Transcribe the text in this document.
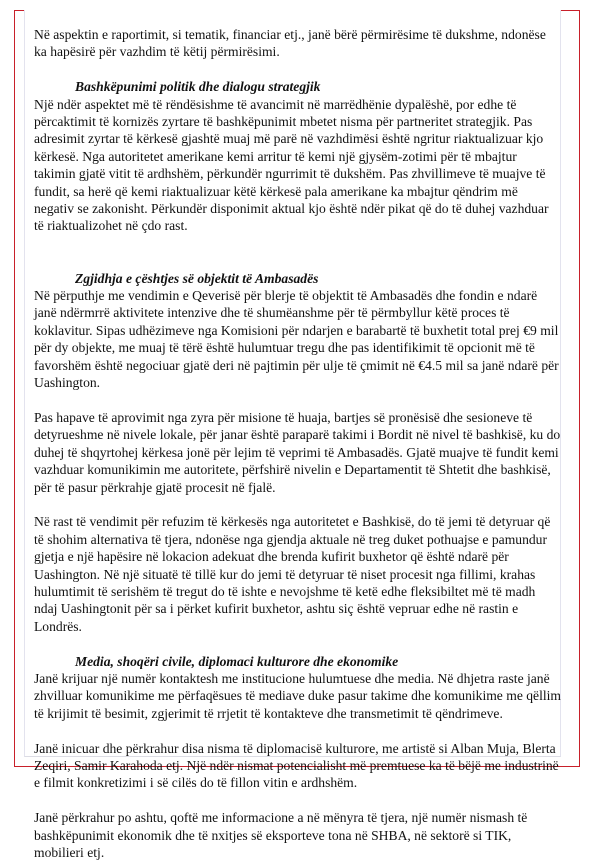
Në aspektin e raportimit, si tematik, financiar etj., janë bërë përmirësime të dukshme, ndonëse ka hapësirë për vazhdim të këtij përmirësimi.

Bashkëpunimi politik dhe dialogu strategjik

Një ndër aspektet më të rëndësishme të avancimit në marrëdhënie dypalëshë, por edhe të përcaktimit të kornizës zyrtare të bashkëpunimit mbetet nisma për partneritet strategjik. Pas adresimit zyrtar të kërkesë gjashtë muaj më parë në vazhdimësi është ngritur riaktualizuar kjo kërkesë. Nga autoritetet amerikane kemi arritur të kemi një gjysëm-zotimi për të mbajtur takimin gjatë vitit të ardhshëm, përkundër ngurrimit të dukshëm. Pas zhvillimeve të muajve të fundit, sa herë që kemi riaktualizuar këtë kërkesë pala amerikane ka mbajtur qëndrim më negativ se zakonisht. Përkundër disponimit aktual kjo është ndër pikat që do të duhej vazhduar të riaktualizohet në çdo rast.

Zgjidhja e çështjes së objektit të Ambasadës

Në përputhje me vendimin e Qeverisë për blerje të objektit të Ambasadës dhe fondin e ndarë janë ndërmrrë aktivitete intenzive dhe të shumëanshme për të përmbyllur këtë proces të koklavitur. Sipas udhëzimeve nga Komisioni për ndarjen e barabartë të buxhetit total prej €9 mil për dy objekte, me muaj të tërë është hulumtuar tregu dhe pas identifikimit të opcionit më të favorshëm është negociuar gjatë deri në pajtimin për ulje të çmimit në €4.5 mil sa janë ndarë për Uashington.

Pas hapave të aprovimit nga zyra për misione të huaja, bartjes së pronësisë dhe sesioneve të detyrueshme në nivele lokale, për janar është paraparë takimi i Bordit në nivel të bashkisë, ku do duhej të shqyrtohej kërkesa jonë për lejim të veprimi të Ambasadës. Gjatë muajve të fundit kemi vazhduar komunikimin me autoritete, përfshirë nivelin e Departamentit të Shtetit dhe bashkisë, për të pasur përkrahje gjatë procesit në fjalë.

Në rast të vendimit për refuzim të kërkesës nga autoritetet e Bashkisë, do të jemi të detyruar që të shohim alternativa të tjera, ndonëse nga gjendja aktuale në treg duket pothuajse e pamundur gjetja e një hapësire në lokacion adekuat dhe brenda kufirit buxhetor që është ndarë për Uashington. Në një situatë të tillë kur do jemi të detyruar të niset procesit nga fillimi, krahas hulumtimit të serishëm të tregut do të ishte e nevojshme të ketë edhe fleksibiltet më të madh ndaj Uashingtonit për sa i përket kufirit buxhetor, ashtu siç është vepruar edhe në rastin e Londrës.

Media, shoqëri civile, diplomaci kulturore dhe ekonomike

Janë krijuar një numër kontaktesh me institucione hulumtuese dhe media. Në dhjetra raste janë zhvilluar komunikime me përfaqësues të mediave duke pasur takime dhe komunikime me qëllim të krijimit të besimit, zgjerimit të rrjetit të kontakteve dhe transmetimit të qëndrimeve.

Janë inicuar dhe përkrahur disa nisma të diplomacisë kulturore, me artistë si Alban Muja, Blerta Zeqiri, Samir Karahoda etj. Një ndër nismat potencialisht më premtuese ka të bëjë me industrinë e filmit konkretizimi i së cilës do të fillon vitin e ardhshëm.

Janë përkrahur po ashtu, qoftë me informacione a në mënyra të tjera, një numër nismash të bashkëpunimit ekonomik dhe të nxitjes së eksporteve tona në SHBA, në sektorë si TIK, mobilieri etj.
